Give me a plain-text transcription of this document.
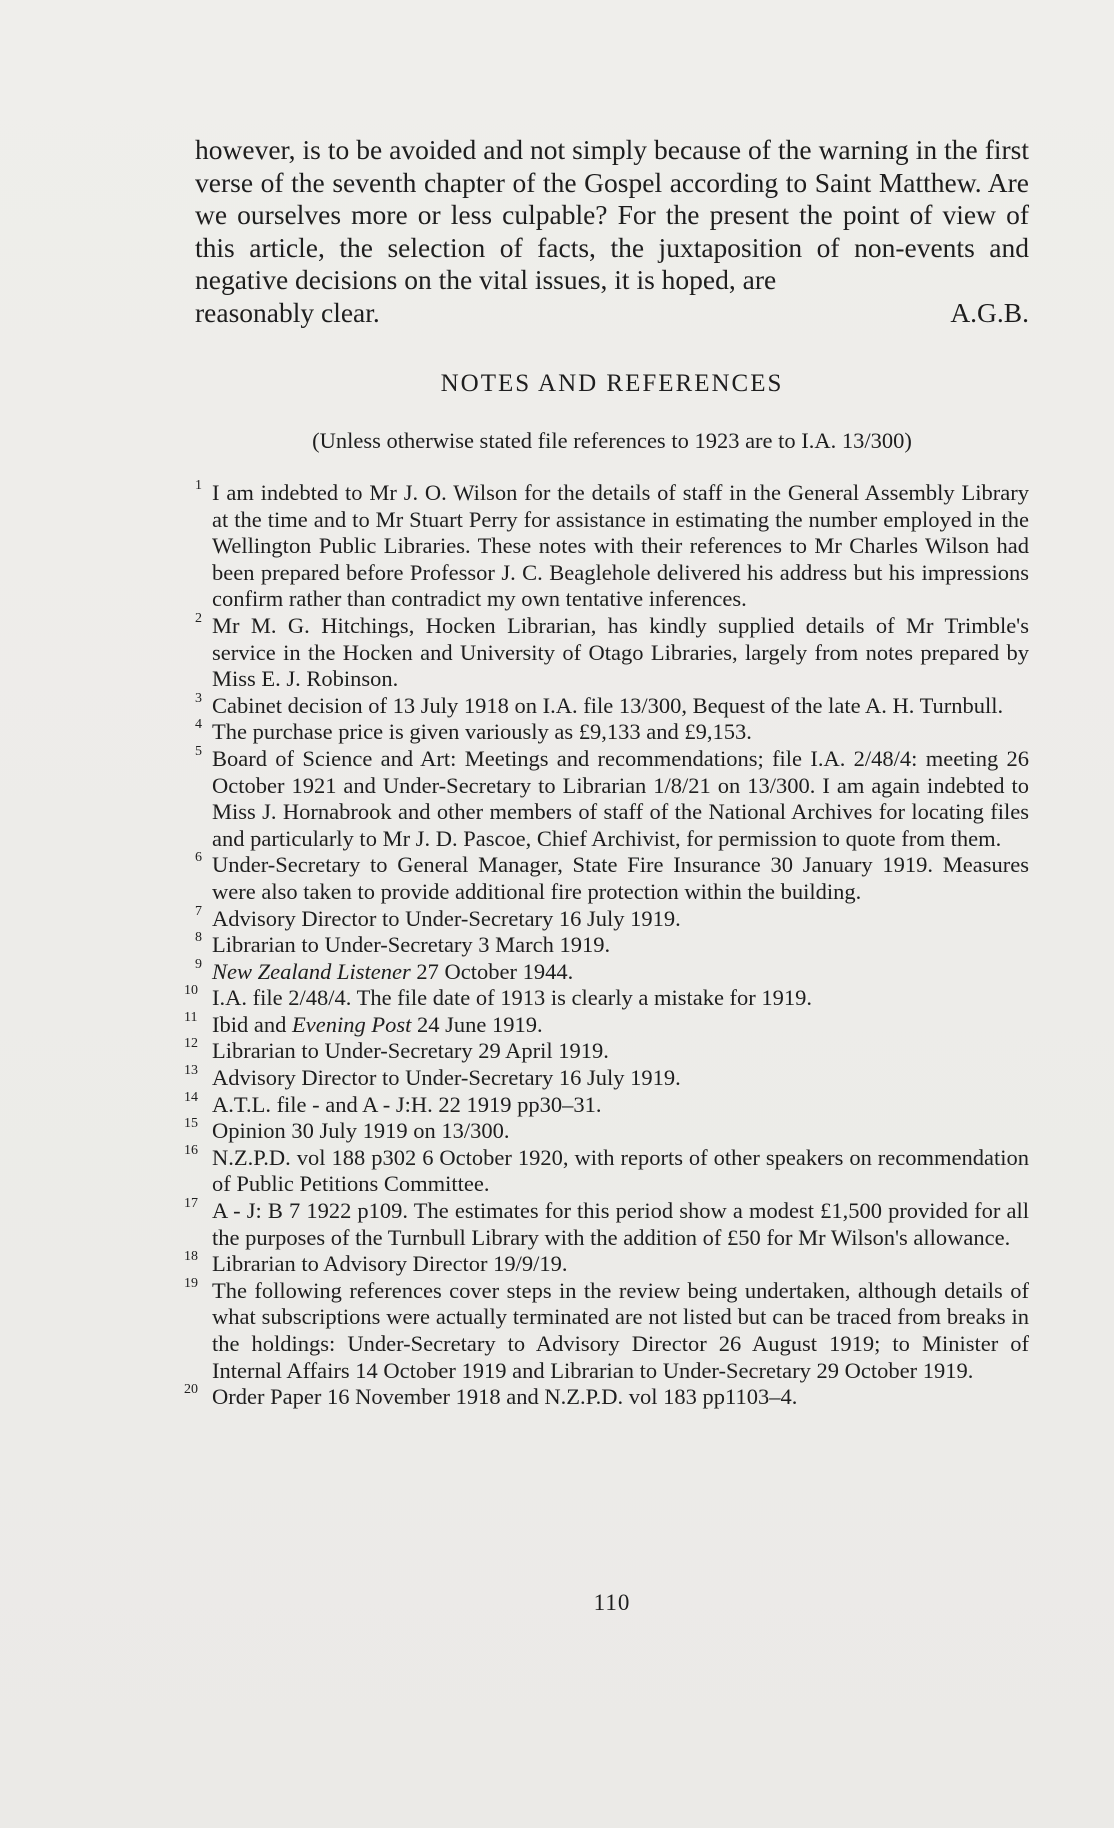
however, is to be avoided and not simply because of the warning in the first verse of the seventh chapter of the Gospel according to Saint Matthew. Are we ourselves more or less culpable? For the present the point of view of this article, the selection of facts, the juxtaposition of non-events and negative decisions on the vital issues, it is hoped, are

reasonably clear.	A.G.B.
NOTES AND REFERENCES
(Unless otherwise stated file references to 1923 are to I.A. 13/300)
1 I am indebted to Mr J. O. Wilson for the details of staff in the General Assembly Library at the time and to Mr Stuart Perry for assistance in estimating the number employed in the Wellington Public Libraries. These notes with their references to Mr Charles Wilson had been prepared before Professor J. C. Beaglehole delivered his address but his impressions confirm rather than contradict my own tentative inferences.
2 Mr M. G. Hitchings, Hocken Librarian, has kindly supplied details of Mr Trimble's service in the Hocken and University of Otago Libraries, largely from notes prepared by Miss E. J. Robinson.
3 Cabinet decision of 13 July 1918 on I.A. file 13/300, Bequest of the late A. H. Turnbull.
4 The purchase price is given variously as £9,133 and £9,153.
5 Board of Science and Art: Meetings and recommendations; file I.A. 2/48/4: meeting 26 October 1921 and Under-Secretary to Librarian 1/8/21 on 13/300. I am again indebted to Miss J. Hornabrook and other members of staff of the National Archives for locating files and particularly to Mr J. D. Pascoe, Chief Archivist, for permission to quote from them.
6 Under-Secretary to General Manager, State Fire Insurance 30 January 1919. Measures were also taken to provide additional fire protection within the building.
7 Advisory Director to Under-Secretary 16 July 1919.
8 Librarian to Under-Secretary 3 March 1919.
9 New Zealand Listener 27 October 1944.
10 I.A. file 2/48/4. The file date of 1913 is clearly a mistake for 1919.
11 Ibid and Evening Post 24 June 1919.
12 Librarian to Under-Secretary 29 April 1919.
13 Advisory Director to Under-Secretary 16 July 1919.
14 A.T.L. file - and A - J:H. 22 1919 pp30–31.
15 Opinion 30 July 1919 on 13/300.
16 N.Z.P.D. vol 188 p302 6 October 1920, with reports of other speakers on recommendation of Public Petitions Committee.
17 A - J: B 7 1922 p109. The estimates for this period show a modest £1,500 provided for all the purposes of the Turnbull Library with the addition of £50 for Mr Wilson's allowance.
18 Librarian to Advisory Director 19/9/19.
19 The following references cover steps in the review being undertaken, although details of what subscriptions were actually terminated are not listed but can be traced from breaks in the holdings: Under-Secretary to Advisory Director 26 August 1919; to Minister of Internal Affairs 14 October 1919 and Librarian to Under-Secretary 29 October 1919.
20 Order Paper 16 November 1918 and N.Z.P.D. vol 183 pp1103–4.
110
